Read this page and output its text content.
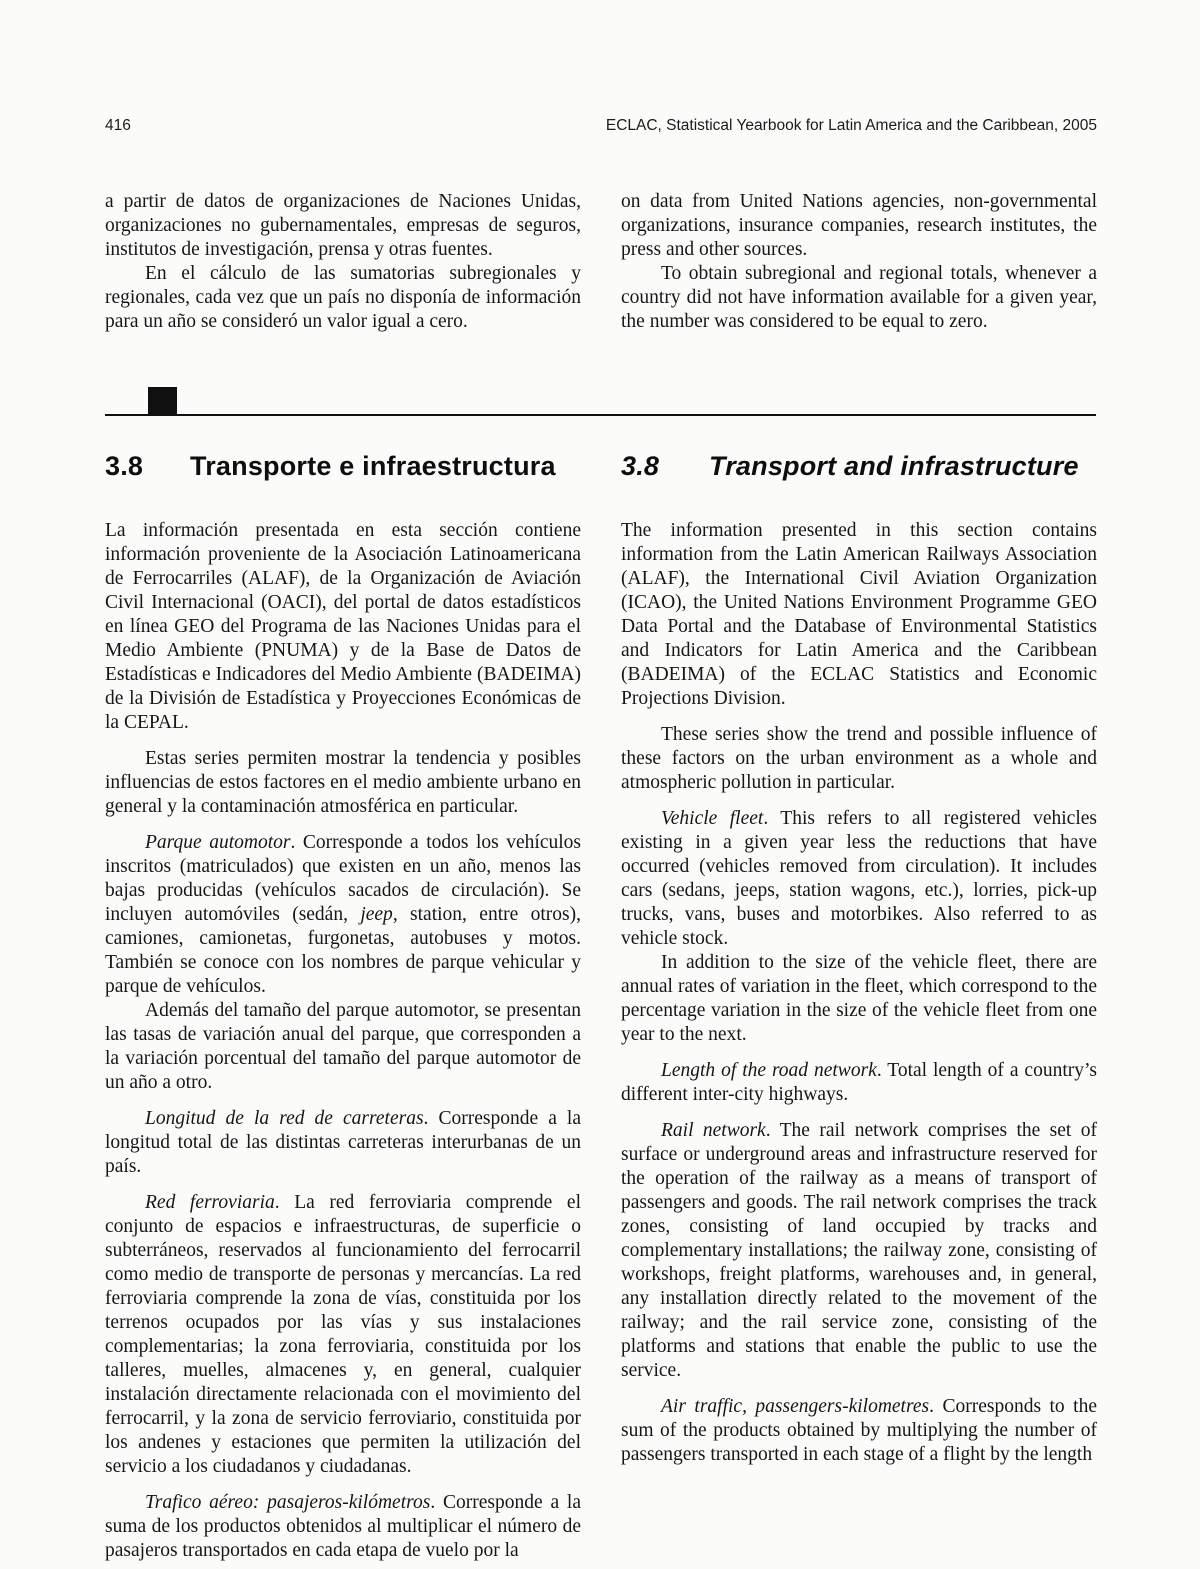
416	ECLAC, Statistical Yearbook for Latin America and the Caribbean, 2005

a partir de datos de organizaciones de Naciones Unidas, organizaciones no gubernamentales, empresas de seguros, institutos de investigación, prensa y otras fuentes.

En el cálculo de las sumatorias subregionales y regionales, cada vez que un país no disponía de información para un año se consideró un valor igual a cero.

on data from United Nations agencies, non-governmental organizations, insurance companies, research institutes, the press and other sources.

To obtain subregional and regional totals, whenever a country did not have information available for a given year, the number was considered to be equal to zero.

3.8	Transporte e infraestructura 3.8	Transport and infrastructure

La información presentada en esta sección contiene información proveniente de la Asociación Latinoamericana de Ferrocarriles (ALAF), de la Organización de Aviación Civil Internacional (OACI), del portal de datos estadísticos en línea GEO del Programa de las Naciones Unidas para el Medio Ambiente (PNUMA) y de la Base de Datos de Estadísticas e Indicadores del Medio Ambiente (BADEIMA) de la División de Estadística y Proyecciones Económicas de la CEPAL.

Estas series permiten mostrar la tendencia y posibles influencias de estos factores en el medio ambiente urbano en general y la contaminación atmosférica en particular.

Parque automotor. Corresponde a todos los vehículos inscritos (matriculados) que existen en un año, menos las bajas producidas (vehículos sacados de circulación). Se incluyen automóviles (sedán, jeep, station, entre otros), camiones, camionetas, furgonetas, autobuses y motos. También se conoce con los nombres de parque vehicular y parque de vehículos.

Además del tamaño del parque automotor, se presentan las tasas de variación anual del parque, que corresponden a la variación porcentual del tamaño del parque automotor de un año a otro.

Longitud de la red de carreteras. Corresponde a la longitud total de las distintas carreteras interurbanas de un país.

Red ferroviaria. La red ferroviaria comprende el conjunto de espacios e infraestructuras, de superficie o subterráneos, reservados al funcionamiento del ferrocarril como medio de transporte de personas y mercancías. La red ferroviaria comprende la zona de vías, constituida por los terrenos ocupados por las vías y sus instalaciones complementarias; la zona ferroviaria, constituida por los talleres, muelles, almacenes y, en general, cualquier instalación directamente relacionada con el movimiento del ferrocarril, y la zona de servicio ferroviario, constituida por los andenes y estaciones que permiten la utilización del servicio a los ciudadanos y ciudadanas.

Trafico aéreo: pasajeros-kilómetros. Corresponde a la suma de los productos obtenidos al multiplicar el número de pasajeros transportados en cada etapa de vuelo por la

The information presented in this section contains information from the Latin American Railways Association (ALAF), the International Civil Aviation Organization (ICAO), the United Nations Environment Programme GEO Data Portal and the Database of Environmental Statistics and Indicators for Latin America and the Caribbean (BADEIMA) of the ECLAC Statistics and Economic Projections Division.

These series show the trend and possible influence of these factors on the urban environment as a whole and atmospheric pollution in particular.

Vehicle fleet. This refers to all registered vehicles existing in a given year less the reductions that have occurred (vehicles removed from circulation). It includes cars (sedans, jeeps, station wagons, etc.), lorries, pick-up trucks, vans, buses and motorbikes. Also referred to as vehicle stock.

In addition to the size of the vehicle fleet, there are annual rates of variation in the fleet, which correspond to the percentage variation in the size of the vehicle fleet from one year to the next.

Length of the road network. Total length of a country’s different inter-city highways.

Rail network. The rail network comprises the set of surface or underground areas and infrastructure reserved for the operation of the railway as a means of transport of passengers and goods. The rail network comprises the track zones, consisting of land occupied by tracks and complementary installations; the railway zone, consisting of workshops, freight platforms, warehouses and, in general, any installation directly related to the movement of the railway; and the rail service zone, consisting of the platforms and stations that enable the public to use the service.

Air traffic, passengers-kilometres. Corresponds to the sum of the products obtained by multiplying the number of passengers transported in each stage of a flight by the length
